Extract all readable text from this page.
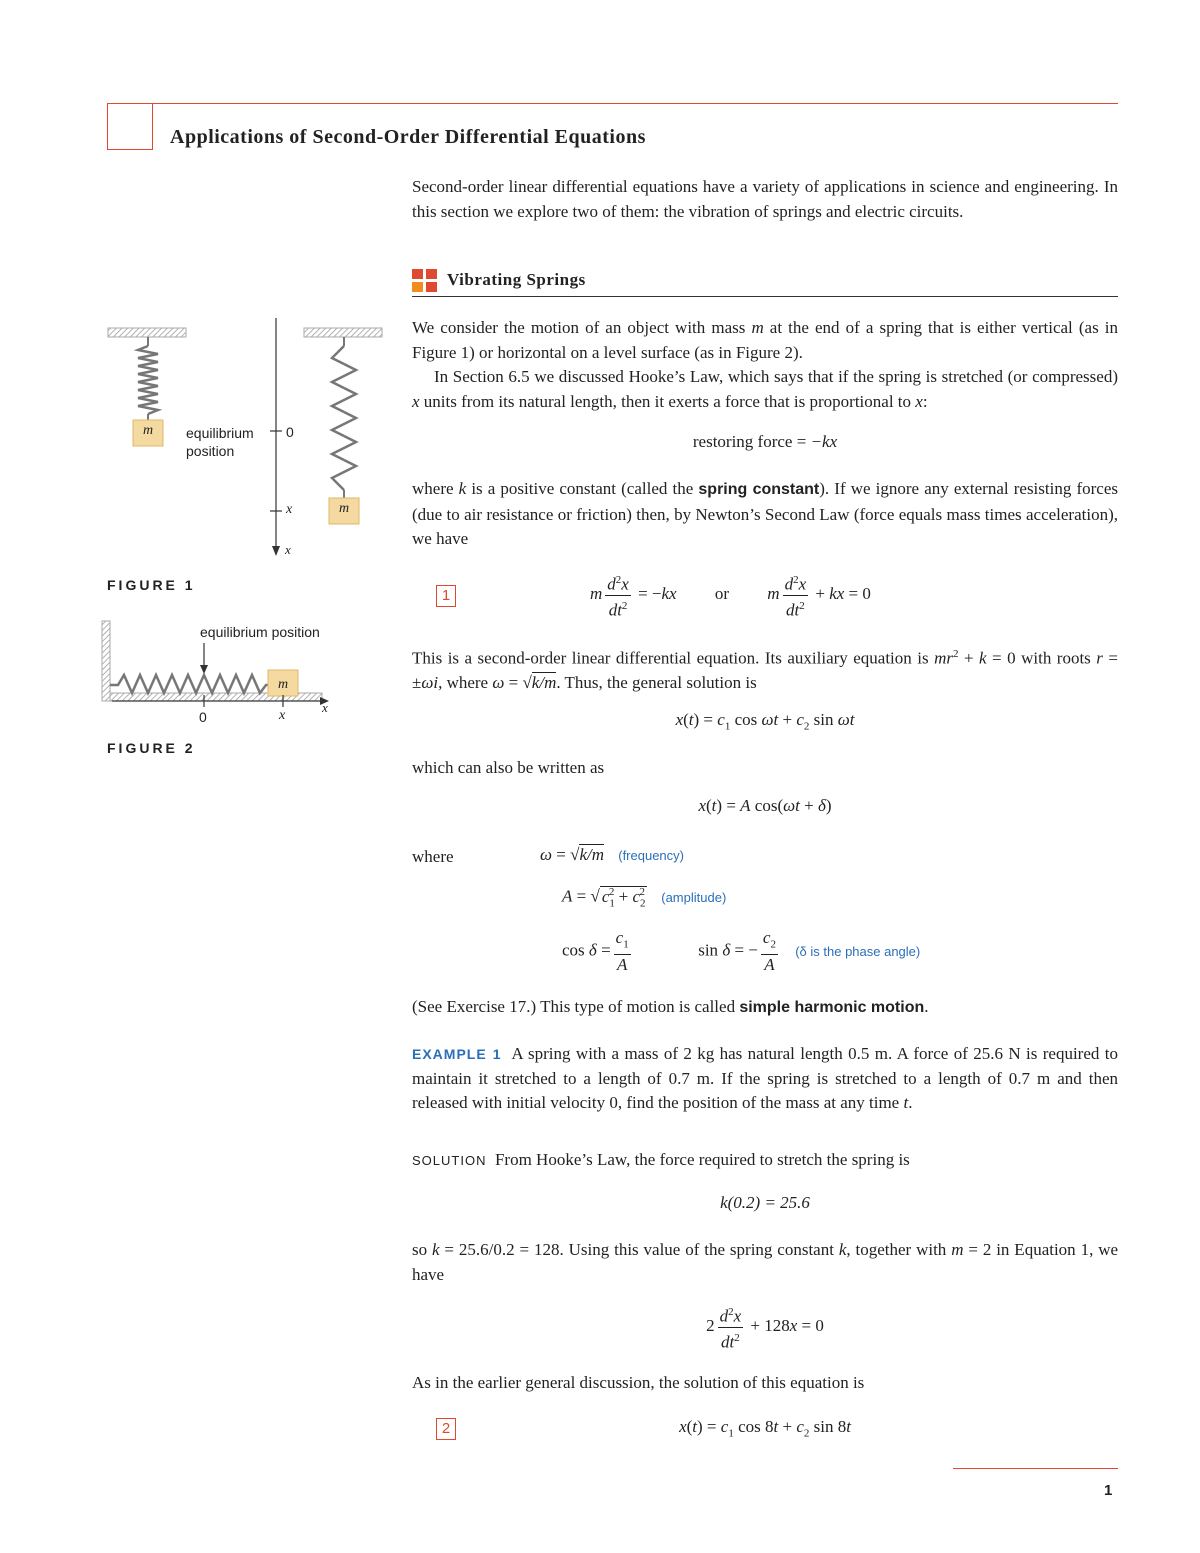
Applications of Second-Order Differential Equations
Second-order linear differential equations have a variety of applications in science and engineering. In this section we explore two of them: the vibration of springs and electric circuits.
Vibrating Springs
We consider the motion of an object with mass m at the end of a spring that is either vertical (as in Figure 1) or horizontal on a level surface (as in Figure 2).
In Section 6.5 we discussed Hooke’s Law, which says that if the spring is stretched (or compressed) x units from its natural length, then it exerts a force that is proportional to x:
restoring force = −kx
where k is a positive constant (called the spring constant). If we ignore any external resisting forces (due to air resistance or friction) then, by Newton’s Second Law (force equals mass times acceleration), we have
1	m $\frac{d^2x}{dt^2} = -kx$ or m $\frac{d^2x}{dt^2}$ + kx = 0
This is a second-order linear differential equation. Its auxiliary equation is $mr^2 + k = 0$ with roots r = ±ωi, where ω = √k/m. Thus, the general solution is
$x(t) = c_1$ $\cos \omega t + c_2$ sin ωt
which can also be written as
x(t) = A cos(ωt + δ)
where	ω = √k/m (frequency)
A = √ $c_1^2 + c_2^2$ (amplitude)
$\cos \delta = \frac{c_1}{A}$	sin δ = − $\frac{c_2}{A} (\delta$ is the phase angle)
(See Exercise 17.) This type of motion is called simple harmonic motion.
EXAMPLE 1 A spring with a mass of 2 kg has natural length 0.5 m. A force of 25.6 N is required to maintain it stretched to a length of 0.7 m. If the spring is stretched to a length of 0.7 m and then released with initial velocity 0, find the position of the mass at any time t.
SOLUTION From Hooke’s Law, the force required to stretch the spring is
k(0.2) = 25.6
so k = 25.6/0.2 = 128. Using this value of the spring constant k, together with m = 2 in Equation 1, we have
$2 \frac{d^2x}{dt^2} + 128x = 0$
As in the earlier general discussion, the solution of this equation is
2	$x(t) = c_1$ $\cos 8t + c_2$ sin 8t
1
m
m
equilibrium
position
0
x
x
FIGURE 1
equilibrium position
m
0	x
x
FIGURE 2
